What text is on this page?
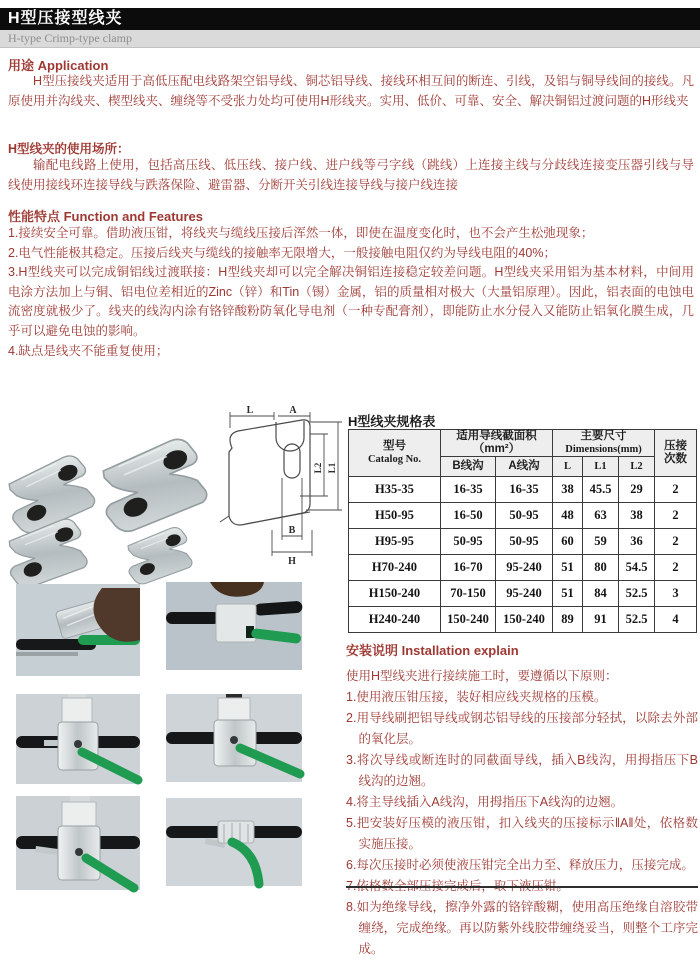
H型压接型线夹
H-type Crimp-type clamp
用途 Application
H型压接线夹适用于高低压配电线路架空铝导线、铜芯铝导线、接线环相互间的断连、引线，及铝与铜导线间的接线。凡原使用并沟线夹、楔型线夹、缠绕等不受张力处均可使用H形线夹。实用、低价、可靠、安全、解决铜铝过渡问题的H形线夹
H型线夹的使用场所：
输配电线路上使用，包括高压线、低压线、接户线、进户线等弓字线（跳线）上连接主线与分歧线连接变压器引线与导线使用接线环连接导线与跌落保险、避雷器、分断开关引线连接导线与接户线连接
性能特点 Function and Features

1.接续安全可靠。借助液压钳，将线夹与缆线压接后浑然一体，即使在温度变化时，也不会产生松弛现象；

2.电气性能极其稳定。压接后线夹与缆线的接触率无限增大，一般接触电阻仅约为导线电阻的40%；

3.H型线夹可以完成铜铝线过渡联接：H型线夹却可以完全解决铜铝连接稳定较差问题。H型线夹采用铝为基本材料，中间用电涂方法加上与铜、铝电位差相近的Zinc（锌）和Tin（锡）金属，铝的质量相对极大（大量铝原理）。因此，铝表面的电蚀电流密度就极少了。线夹的线沟内涂有铬锌酸粉防氧化导电剂（一种专配膏剂），即能防止水分侵入又能防止铝氧化膜生成，几乎可以避免电蚀的影响。

4.缺点是线夹不能重复使用；

L	A
L2 L1
B
H
H型线夹规格表
型号
Catalog No.

适用导线截面积
（mm²）

主要尺寸
Dimensions(mm)	压接
次数

	B线沟	A线沟	L	L1	L2	
H35-35	16-35	16-35	38	45.5	29	2
H50-95	16-50	50-95	48	63	38	2
H95-95	50-95	50-95	60	59	36	2
H70-240	16-70	95-240	51	80	54.5	2
H150-240	70-150	95-240	51	84	52.5	3
H240-240	150-240	150-240	89	91	52.5	4

安装说明 Installation explain

使用H型线夹进行接续施工时，要遵循以下原则：

1.使用液压钳压接，装好相应线夹规格的压模。

2.用导线刷把铝导线或钢芯铝导线的压接部分轻拭，以除去外部的氧化层。

3.将次导线或断连时的同截面导线，插入B线沟，用拇指压下B线沟的边翘。

4.将主导线插入A线沟，用拇指压下A线沟的边翘。

5.把安装好压模的液压钳，扣入线夹的压接标示‖A‖处，依格数实施压接。

6.每次压接时必须使液压钳完全出力至、释放压力，压接完成。

8.如为绝缘导线，擦净外露的铬锌酸糊，使用高压绝缘自溶胶带缠绕，完成绝缘。再以防紫外线胶带缠绕妥当，则整个工序完成。
